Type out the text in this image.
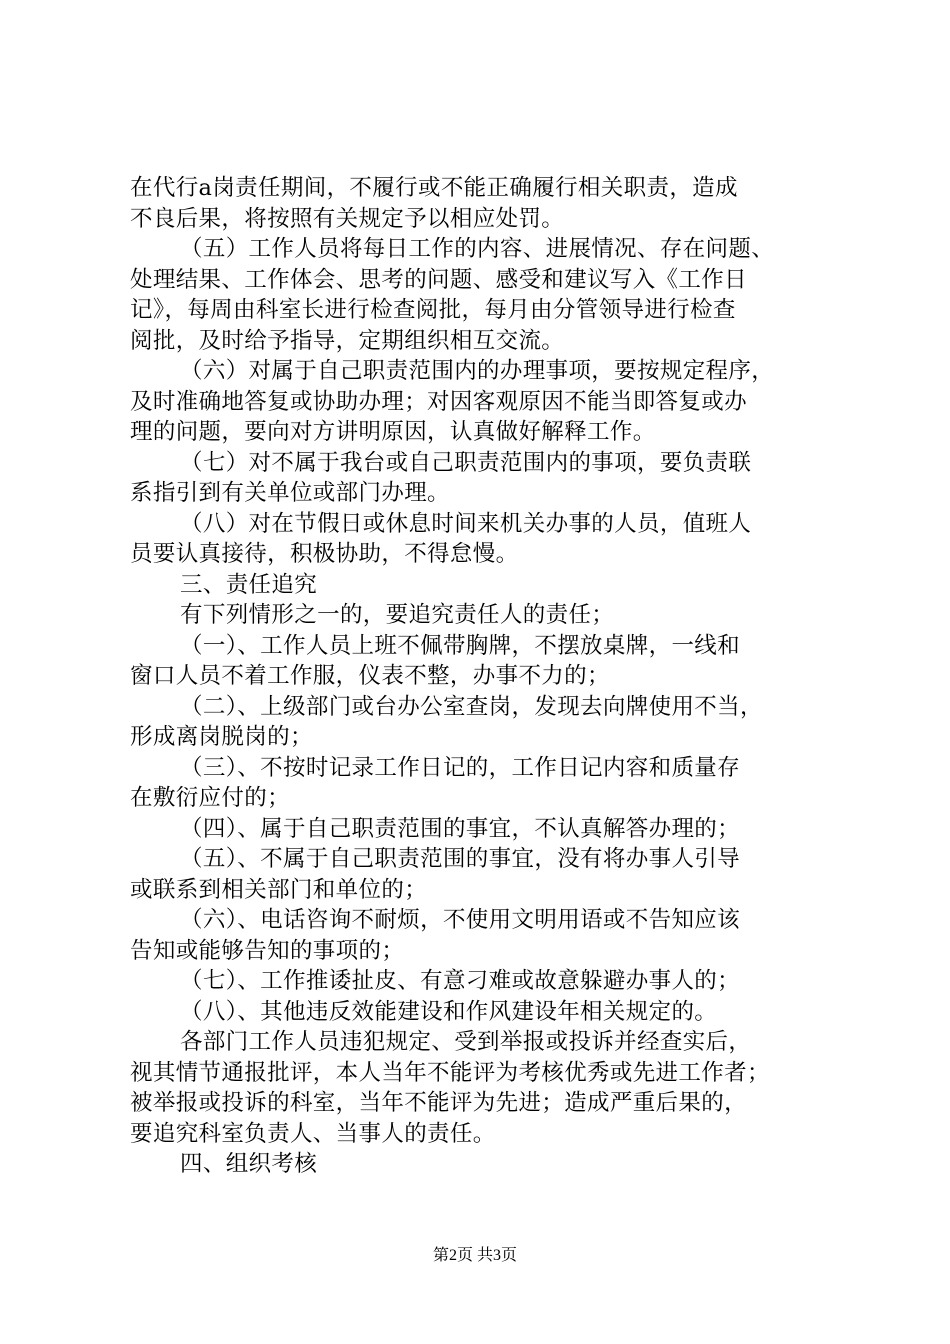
在代行a岗责任期间，不履行或不能正确履行相关职责，造成
不良后果，将按照有关规定予以相应处罚。
（五）工作人员将每日工作的内容、进展情况、存在问题、
处理结果、工作体会、思考的问题、感受和建议写入《工作日
记》，每周由科室长进行检查阅批，每月由分管领导进行检查
阅批，及时给予指导，定期组织相互交流。
（六）对属于自己职责范围内的办理事项，要按规定程序，
及时准确地答复或协助办理；对因客观原因不能当即答复或办
理的问题，要向对方讲明原因，认真做好解释工作。
（七）对不属于我台或自己职责范围内的事项，要负责联
系指引到有关单位或部门办理。
（八）对在节假日或休息时间来机关办事的人员，值班人
员要认真接待，积极协助，不得怠慢。
三、责任追究
有下列情形之一的，要追究责任人的责任；
（一）、工作人员上班不佩带胸牌，不摆放桌牌，一线和
窗口人员不着工作服，仪表不整，办事不力的；
（二）、上级部门或台办公室查岗，发现去向牌使用不当，
形成离岗脱岗的；
（三）、不按时记录工作日记的，工作日记内容和质量存
在敷衍应付的；
（四）、属于自己职责范围的事宜，不认真解答办理的；
（五）、不属于自己职责范围的事宜，没有将办事人引导
或联系到相关部门和单位的；
（六）、电话咨询不耐烦，不使用文明用语或不告知应该
告知或能够告知的事项的；
（七）、工作推诿扯皮、有意刁难或故意躲避办事人的；
（八）、其他违反效能建设和作风建设年相关规定的。
各部门工作人员违犯规定、受到举报或投诉并经查实后，
视其情节通报批评，本人当年不能评为考核优秀或先进工作者；
被举报或投诉的科室，当年不能评为先进；造成严重后果的，
要追究科室负责人、当事人的责任。
四、组织考核
第2页 共3页
